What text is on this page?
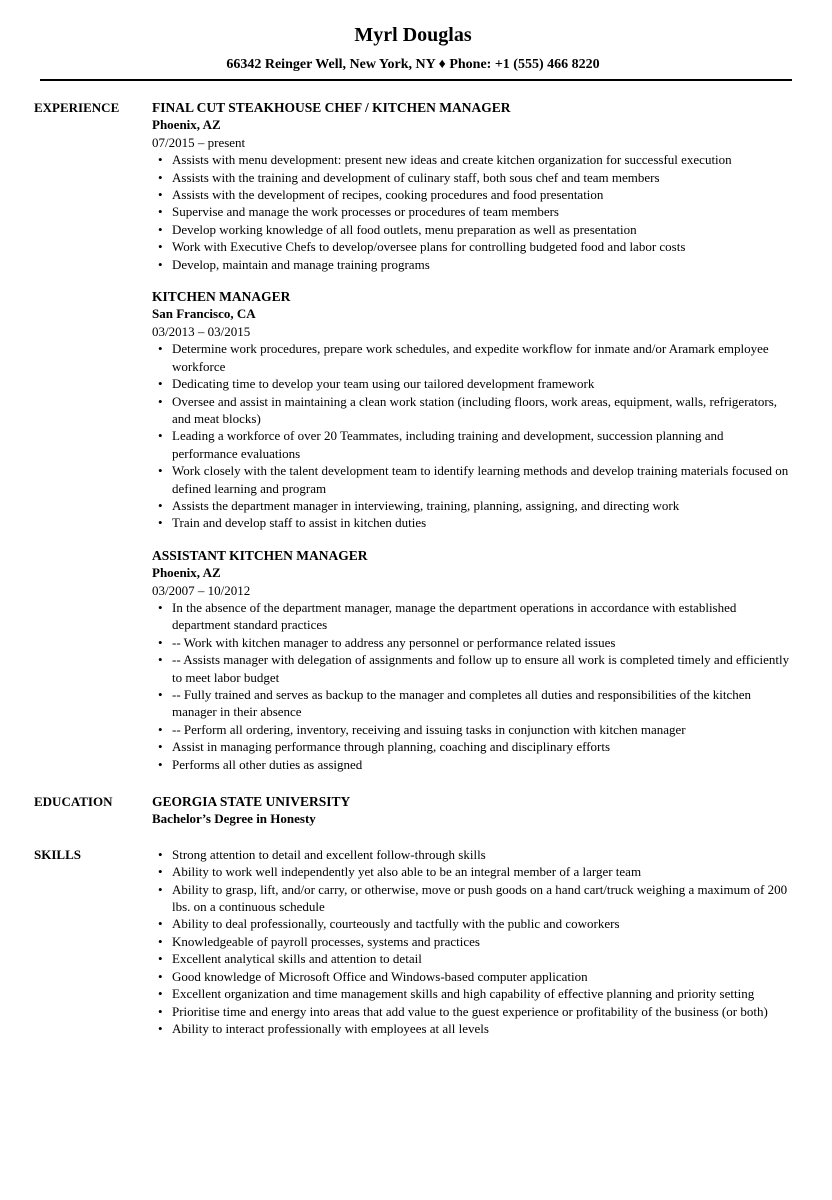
Myrl Douglas
66342 Reinger Well, New York, NY ♦ Phone: +1 (555) 466 8220
EXPERIENCE	FINAL CUT STEAKHOUSE CHEF / KITCHEN MANAGER
Phoenix, AZ
07/2015 – present
• Assists with menu development: present new ideas and create kitchen organization for successful execution
• Assists with the training and development of culinary staff, both sous chef and team members
• Assists with the development of recipes, cooking procedures and food presentation
• Supervise and manage the work processes or procedures of team members
• Develop working knowledge of all food outlets, menu preparation as well as presentation
• Work with Executive Chefs to develop/oversee plans for controlling budgeted food and labor costs
• Develop, maintain and manage training programs
KITCHEN MANAGER
San Francisco, CA
03/2013 – 03/2015
• Determine work procedures, prepare work schedules, and expedite workflow for inmate and/or Aramark employee workforce
• Dedicating time to develop your team using our tailored development framework
• Oversee and assist in maintaining a clean work station (including floors, work areas, equipment, walls, refrigerators, and meat blocks)
• Leading a workforce of over 20 Teammates, including training and development, succession planning and performance evaluations
• Work closely with the talent development team to identify learning methods and develop training materials focused on defined learning and program
• Assists the department manager in interviewing, training, planning, assigning, and directing work
• Train and develop staff to assist in kitchen duties
ASSISTANT KITCHEN MANAGER
Phoenix, AZ
03/2007 – 10/2012
• In the absence of the department manager, manage the department operations in accordance with established department standard practices
• -- Work with kitchen manager to address any personnel or performance related issues
• -- Assists manager with delegation of assignments and follow up to ensure all work is completed timely and efficiently to meet labor budget
• -- Fully trained and serves as backup to the manager and completes all duties and responsibilities of the kitchen manager in their absence
• -- Perform all ordering, inventory, receiving and issuing tasks in conjunction with kitchen manager
• Assist in managing performance through planning, coaching and disciplinary efforts
• Performs all other duties as assigned
EDUCATION	GEORGIA STATE UNIVERSITY
Bachelor’s Degree in Honesty
SKILLS	• Strong attention to detail and excellent follow-through skills
• Ability to work well independently yet also able to be an integral member of a larger team
• Ability to grasp, lift, and/or carry, or otherwise, move or push goods on a hand cart/truck weighing a maximum of 200 lbs. on a continuous schedule
• Ability to deal professionally, courteously and tactfully with the public and coworkers
• Knowledgeable of payroll processes, systems and practices
• Excellent analytical skills and attention to detail
• Good knowledge of Microsoft Office and Windows-based computer application
• Excellent organization and time management skills and high capability of effective planning and priority setting
• Prioritise time and energy into areas that add value to the guest experience or profitability of the business (or both)
• Ability to interact professionally with employees at all levels
